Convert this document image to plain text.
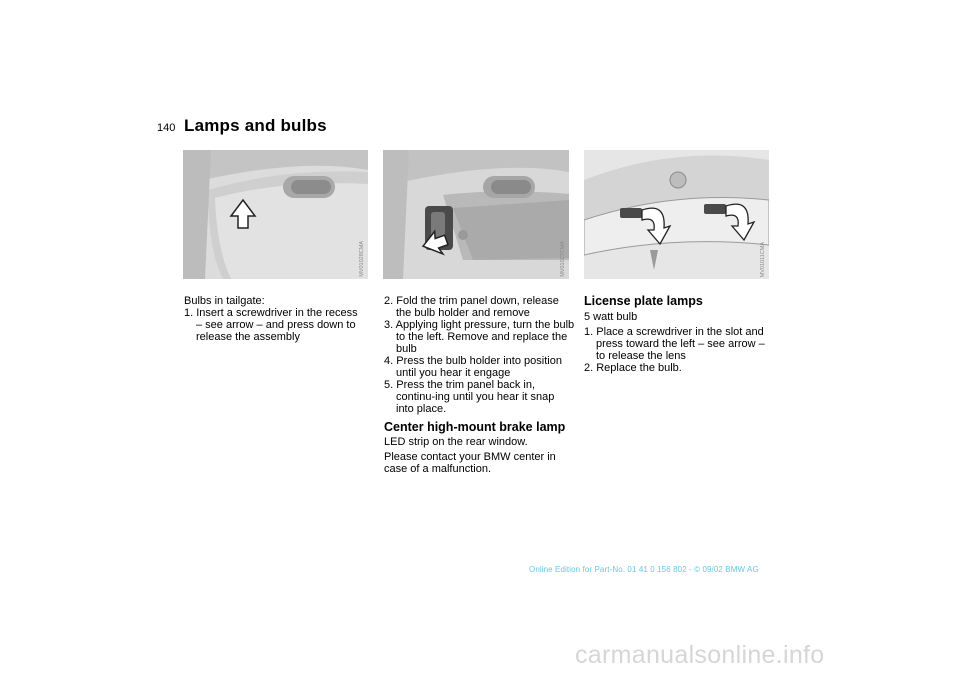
140 Lamps and bulbs
MV01028CMA	MV01027CMA	MV01011CMA

Bulbs in tailgate:

1. Insert a screwdriver in the recess – see arrow – and press down to release the assembly

2. Fold the trim panel down, release the bulb holder and remove

3. Applying light pressure, turn the bulb to the left. Remove and replace the bulb

4. Press the bulb holder into position until you hear it engage

5. Press the trim panel back in, continu-ing until you hear it snap into place.

Center high-mount brake lamp

LED strip on the rear window.

Please contact your BMW center in case of a malfunction.

License plate lamps

5 watt bulb

1. Place a screwdriver in the slot and press toward the left – see arrow – to release the lens

2. Replace the bulb.

Online Edition for Part-No. 01 41 0 156 802 - © 09/02 BMW AG
carmanualsonline.info
